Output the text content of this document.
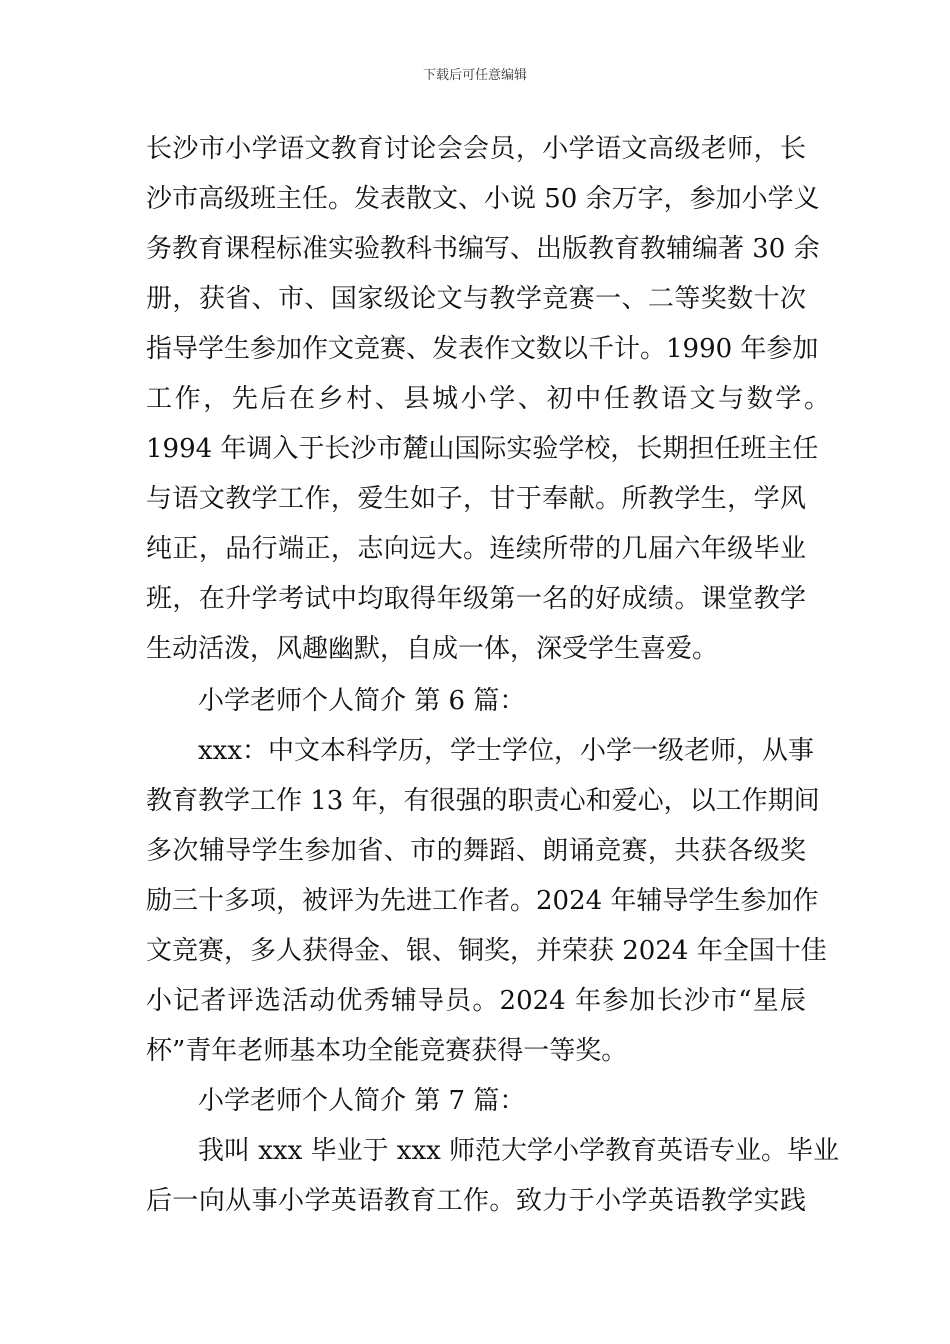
下载后可任意编辑
长沙市小学语文教育讨论会会员，小学语文高级老师，长
沙市高级班主任。发表散文、小说 50 余万字，参加小学义
务教育课程标准实验教科书编写、出版教育教辅编著 30 余
册，获省、市、国家级论文与教学竞赛一、二等奖数十次
指导学生参加作文竞赛、发表作文数以千计。1990 年参加
工作，先后在乡村、县城小学、初中任教语文与数学。
1994 年调入于长沙市麓山国际实验学校，长期担任班主任
与语文教学工作，爱生如子，甘于奉献。所教学生，学风
纯正，品行端正，志向远大。连续所带的几届六年级毕业
班，在升学考试中均取得年级第一名的好成绩。课堂教学
生动活泼，风趣幽默，自成一体，深受学生喜爱。
小学老师个人简介 第 6 篇：
xxx：中文本科学历，学士学位，小学一级老师，从事
教育教学工作 13 年，有很强的职责心和爱心，以工作期间
多次辅导学生参加省、市的舞蹈、朗诵竞赛，共获各级奖
励三十多项，被评为先进工作者。2024 年辅导学生参加作
文竞赛，多人获得金、银、铜奖，并荣获 2024 年全国十佳
小记者评选活动优秀辅导员。2024 年参加长沙市“星辰
杯”青年老师基本功全能竞赛获得一等奖。
小学老师个人简介 第 7 篇：
我叫 xxx 毕业于 xxx 师范大学小学教育英语专业。毕业
后一向从事小学英语教育工作。致力于小学英语教学实践
